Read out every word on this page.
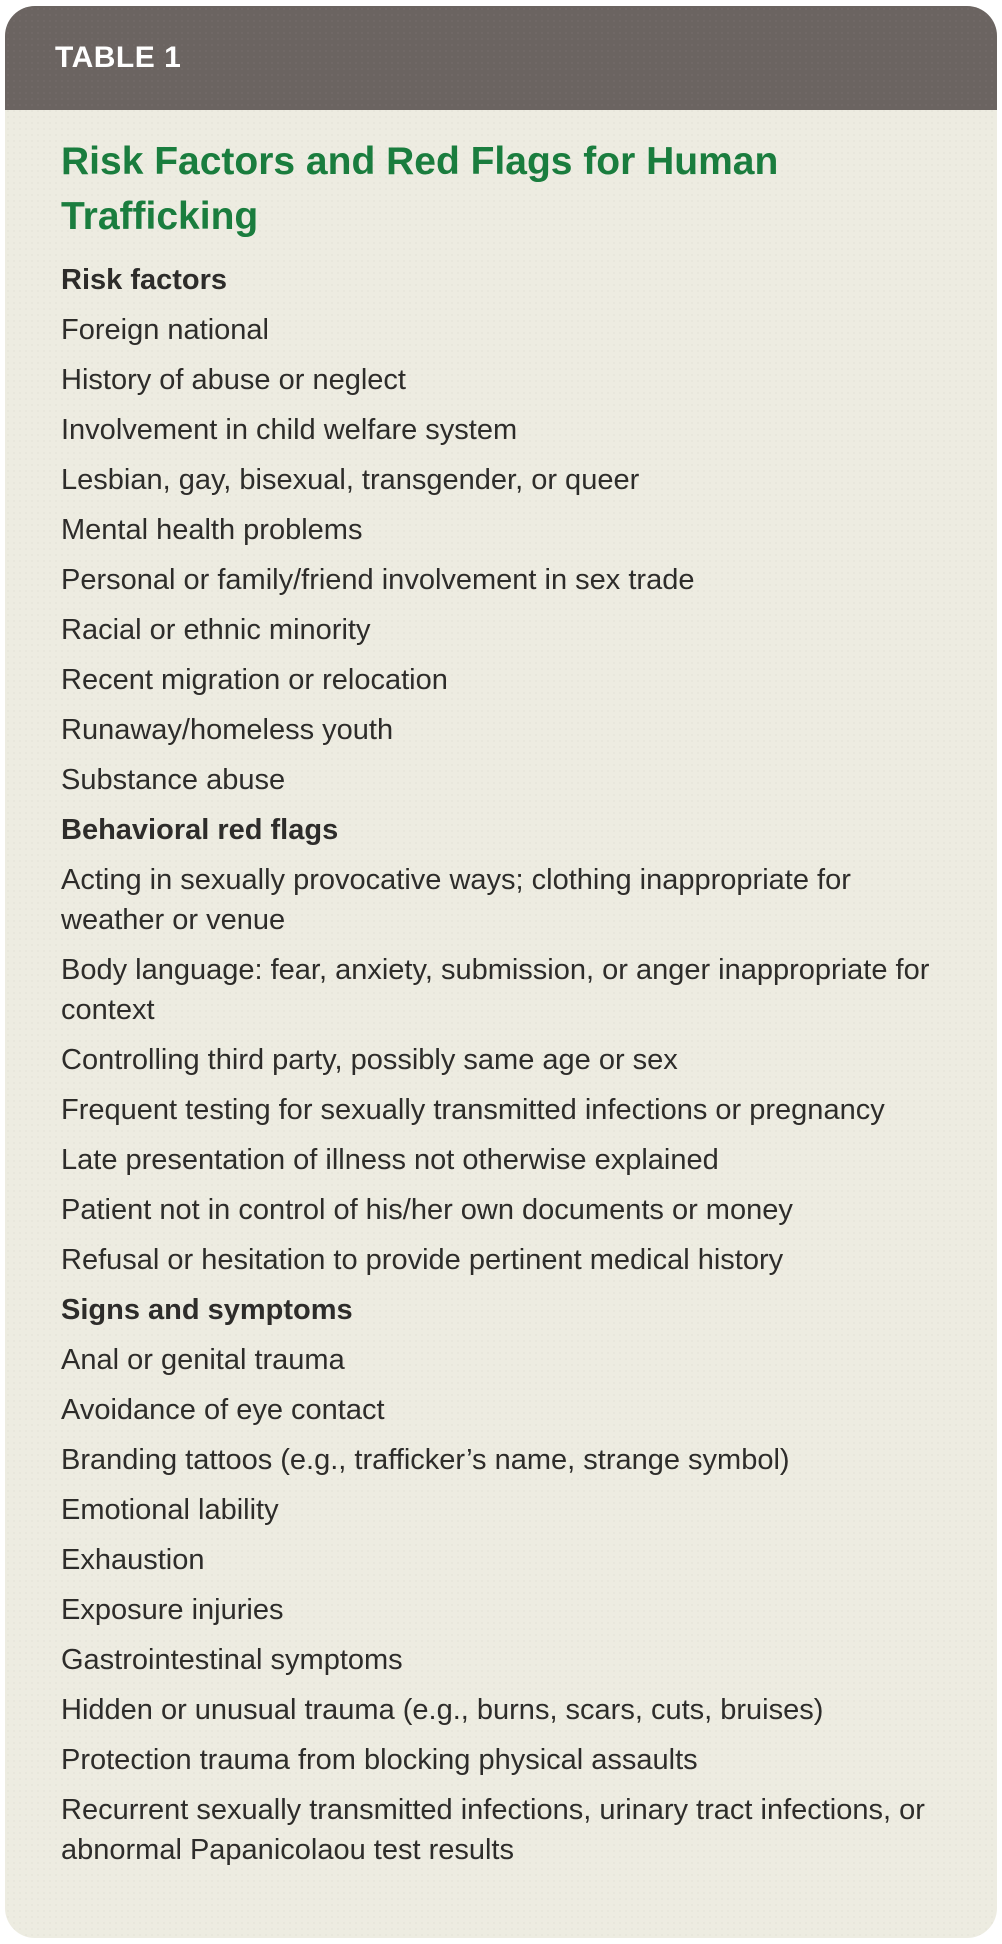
TABLE 1
Risk Factors and Red Flags for Human Trafficking
Risk factors
Foreign national
History of abuse or neglect
Involvement in child welfare system
Lesbian, gay, bisexual, transgender, or queer
Mental health problems
Personal or family/friend involvement in sex trade
Racial or ethnic minority
Recent migration or relocation
Runaway/homeless youth
Substance abuse
Behavioral red flags
Acting in sexually provocative ways; clothing inappropriate for weather or venue
Body language: fear, anxiety, submission, or anger inappropriate for context
Controlling third party, possibly same age or sex
Frequent testing for sexually transmitted infections or pregnancy
Late presentation of illness not otherwise explained
Patient not in control of his/her own documents or money
Refusal or hesitation to provide pertinent medical history
Signs and symptoms
Anal or genital trauma
Avoidance of eye contact
Branding tattoos (e.g., trafficker’s name, strange symbol)
Emotional lability
Exhaustion
Exposure injuries
Gastrointestinal symptoms
Hidden or unusual trauma (e.g., burns, scars, cuts, bruises)
Protection trauma from blocking physical assaults
Recurrent sexually transmitted infections, urinary tract infections, or abnormal Papanicolaou test results
